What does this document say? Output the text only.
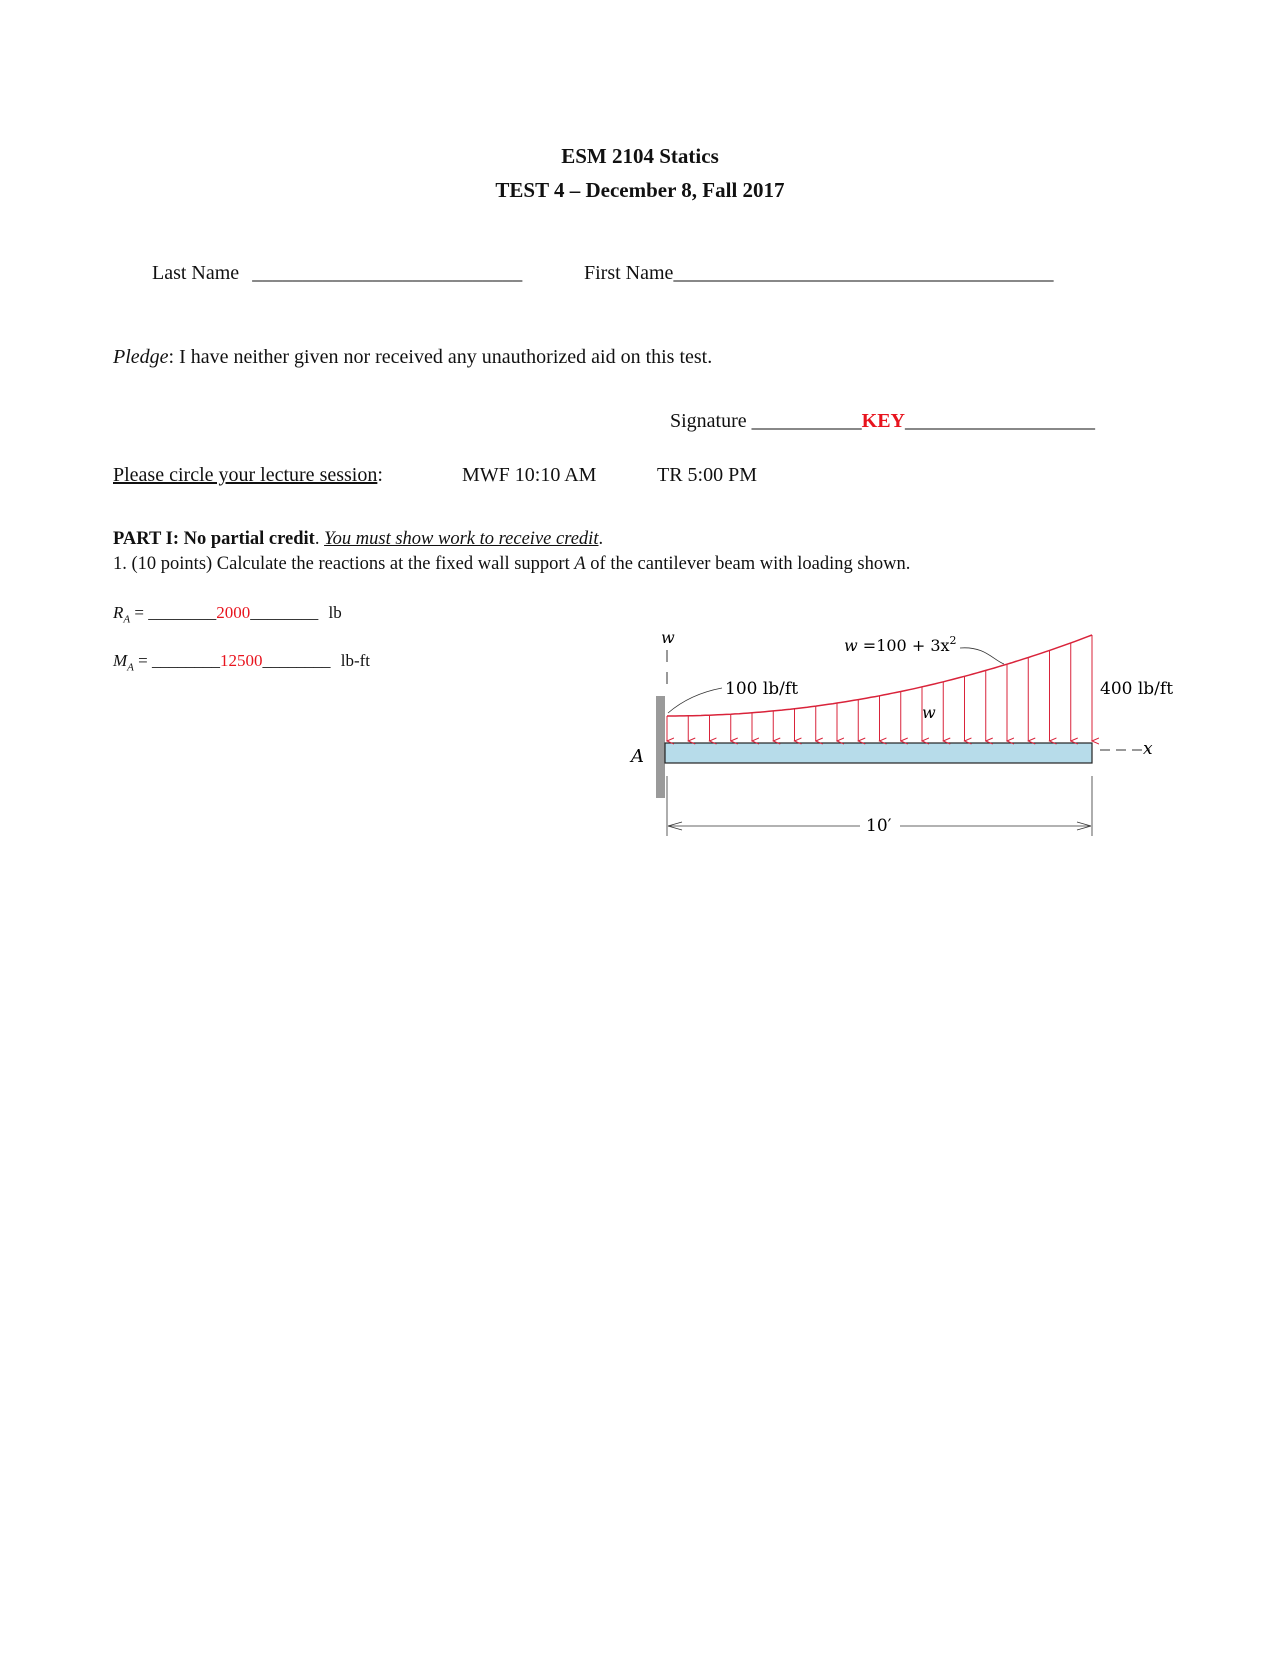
ESM 2104 Statics
TEST 4 – December 8, Fall 2017
Last Name ___________________________	First Name______________________________________
Pledge: I have neither given nor received any unauthorized aid on this test.
Signature ___________KEY___________________
Please circle your lecture session:	MWF 10:10 AM	TR 5:00 PM
PART I: No partial credit. You must show work to receive credit.
1. (10 points) Calculate the reactions at the fixed wall support A of the cantilever beam with loading shown.
$R_A$ = ________2000________ lb
$M_A$ = ________12500________ lb-ft
w	$w =100 + 3x^2$
100 lb/ft	400 lb/ft
w
x
A
10′
